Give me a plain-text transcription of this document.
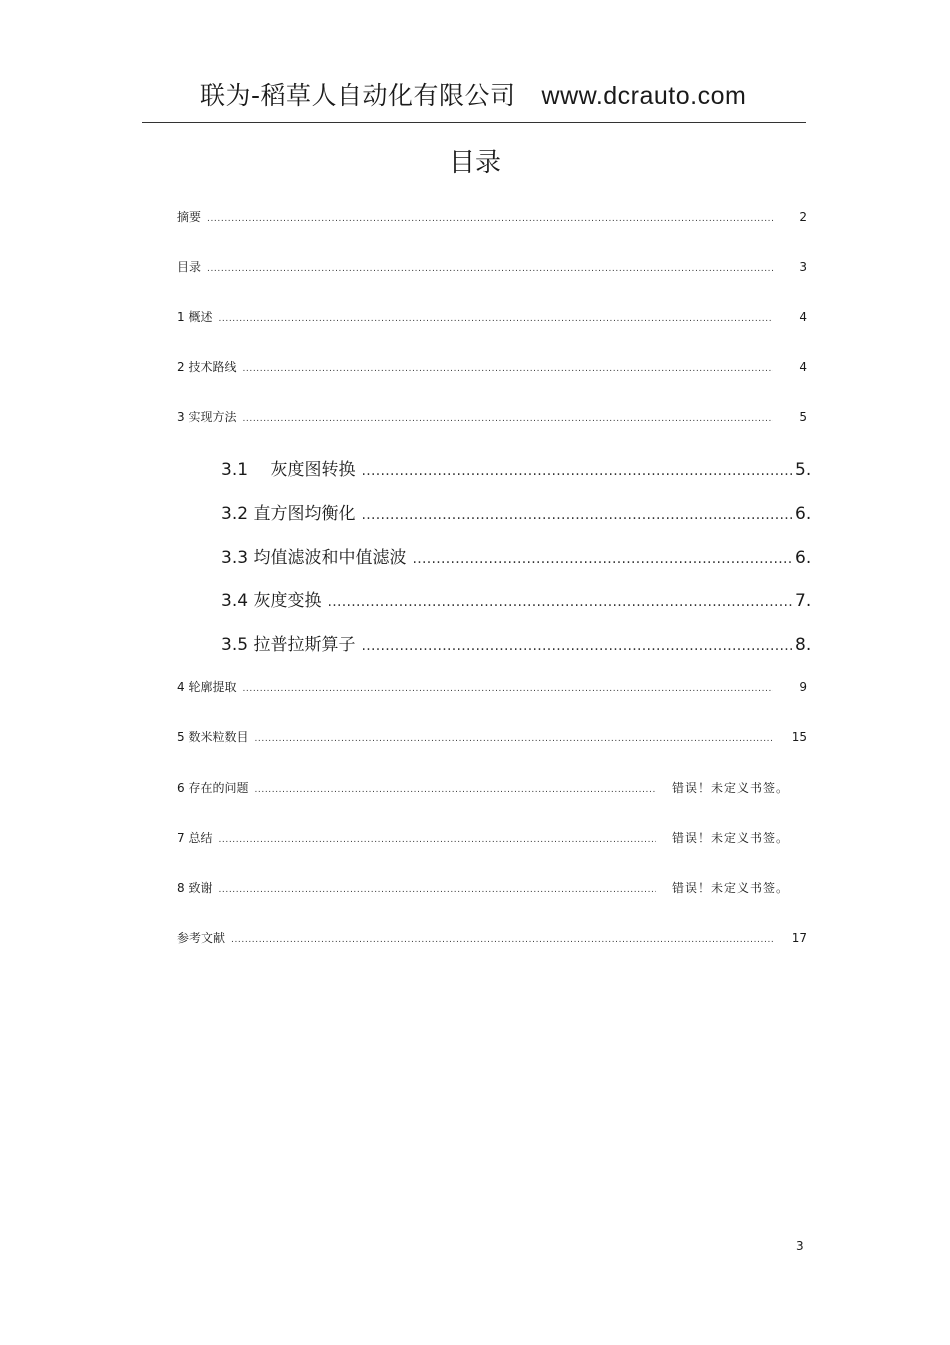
联为-稻草人自动化有限公司 www.dcrauto.com
目录
摘要 .....	2
目录 .....	3
1 概述 .....	4
2 技术路线 .....	4
3 实现方法 .....	5
3.1 　灰度图转换 .....	5.
3.2 直方图均衡化 .....	6.
3.3 均值滤波和中值滤波 .....	6.
3.4 灰度变换 .....	7.
3.5 拉普拉斯算子 .....	8.
4 轮廓提取 .....	9
5 数米粒数目 .....	15
6 存在的问题 .....	错误！未定义书签。
7 总结 .....	错误！未定义书签。
8 致谢 .....	错误！未定义书签。
参考文献 .....	17
3
